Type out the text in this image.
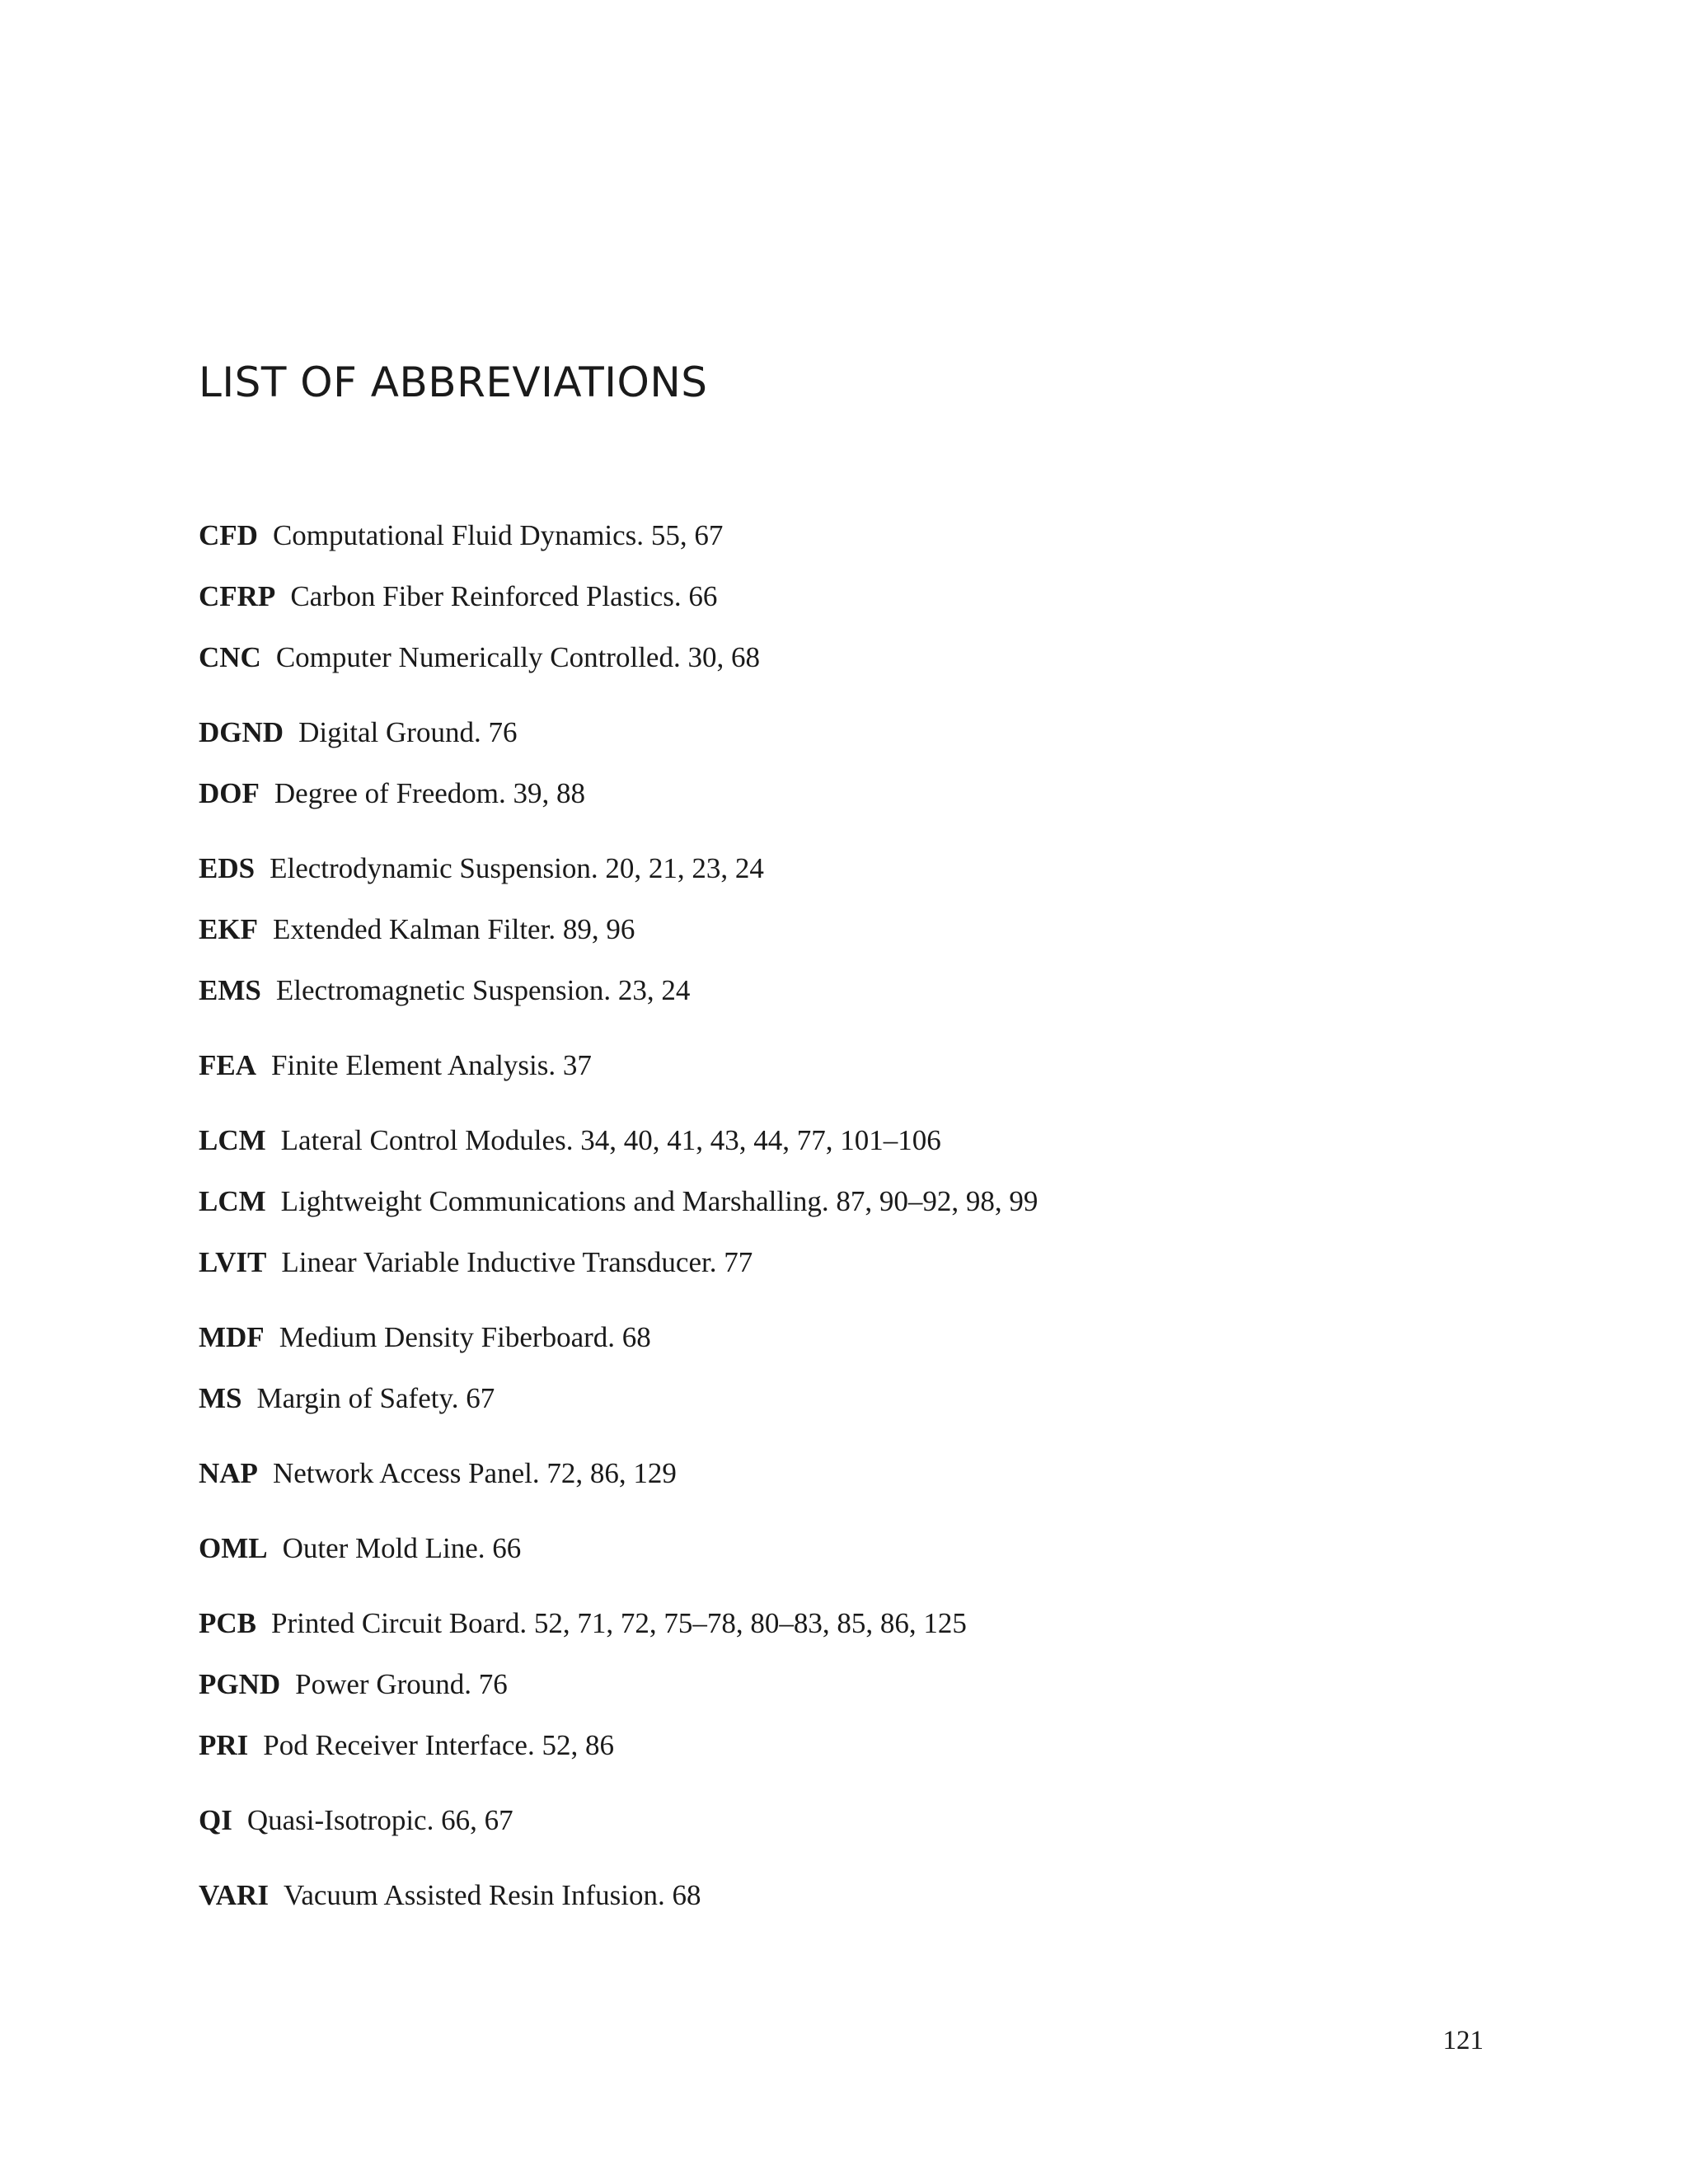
LIST OF ABBREVIATIONS
CFD Computational Fluid Dynamics. 55, 67
CFRP Carbon Fiber Reinforced Plastics. 66
CNC Computer Numerically Controlled. 30, 68
DGND Digital Ground. 76
DOF Degree of Freedom. 39, 88
EDS Electrodynamic Suspension. 20, 21, 23, 24
EKF Extended Kalman Filter. 89, 96
EMS Electromagnetic Suspension. 23, 24
FEA Finite Element Analysis. 37
LCM Lateral Control Modules. 34, 40, 41, 43, 44, 77, 101–106
LCM Lightweight Communications and Marshalling. 87, 90–92, 98, 99
LVIT Linear Variable Inductive Transducer. 77
MDF Medium Density Fiberboard. 68
MS Margin of Safety. 67
NAP Network Access Panel. 72, 86, 129
OML Outer Mold Line. 66
PCB Printed Circuit Board. 52, 71, 72, 75–78, 80–83, 85, 86, 125
PGND Power Ground. 76
PRI Pod Receiver Interface. 52, 86
QI Quasi-Isotropic. 66, 67
VARI Vacuum Assisted Resin Infusion. 68
121
